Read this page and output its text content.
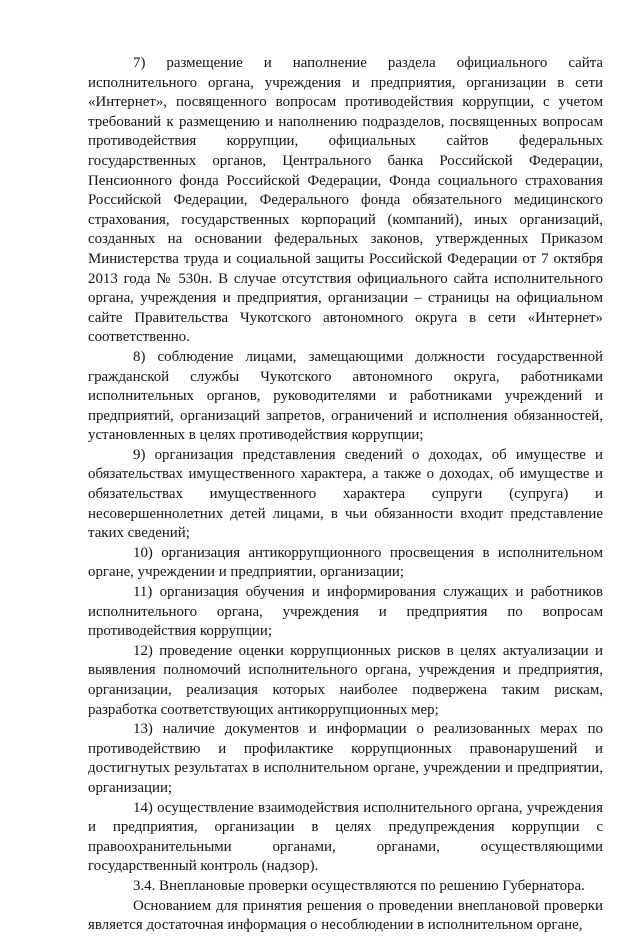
7) размещение и наполнение раздела официального сайта исполнительного органа, учреждения и предприятия, организации в сети «Интернет», посвященного вопросам противодействия коррупции, с учетом требований к размещению и наполнению подразделов, посвященных вопросам противодействия коррупции, официальных сайтов федеральных государственных органов, Центрального банка Российской Федерации, Пенсионного фонда Российской Федерации, Фонда социального страхования Российской Федерации, Федерального фонда обязательного медицинского страхования, государственных корпораций (компаний), иных организаций, созданных на основании федеральных законов, утвержденных Приказом Министерства труда и социальной защиты Российской Федерации от 7 октября 2013 года № 530н. В случае отсутствия официального сайта исполнительного органа, учреждения и предприятия, организации – страницы на официальном сайте Правительства Чукотского автономного округа в сети «Интернет» соответственно.

8) соблюдение лицами, замещающими должности государственной гражданской службы Чукотского автономного округа, работниками исполнительных органов, руководителями и работниками учреждений и предприятий, организаций запретов, ограничений и исполнения обязанностей, установленных в целях противодействия коррупции;

9) организация представления сведений о доходах, об имуществе и обязательствах имущественного характера, а также о доходах, об имуществе и обязательствах имущественного характера супруги (супруга) и несовершеннолетних детей лицами, в чьи обязанности входит представление таких сведений;

10) организация антикоррупционного просвещения в исполнительном органе, учреждении и предприятии, организации;

11) организация обучения и информирования служащих и работников исполнительного органа, учреждения и предприятия по вопросам противодействия коррупции;

12) проведение оценки коррупционных рисков в целях актуализации и выявления полномочий исполнительного органа, учреждения и предприятия, организации, реализация которых наиболее подвержена таким рискам, разработка соответствующих антикоррупционных мер;

13) наличие документов и информации о реализованных мерах по противодействию и профилактике коррупционных правонарушений и достигнутых результатах в исполнительном органе, учреждении и предприятии, организации;

14) осуществление взаимодействия исполнительного органа, учреждения и предприятия, организации в целях предупреждения коррупции с правоохранительными органами, органами, осуществляющими государственный контроль (надзор).

3.4. Внеплановые проверки осуществляются по решению Губернатора.

Основанием для принятия решения о проведении внеплановой проверки является достаточная информация о несоблюдении в исполнительном органе,
